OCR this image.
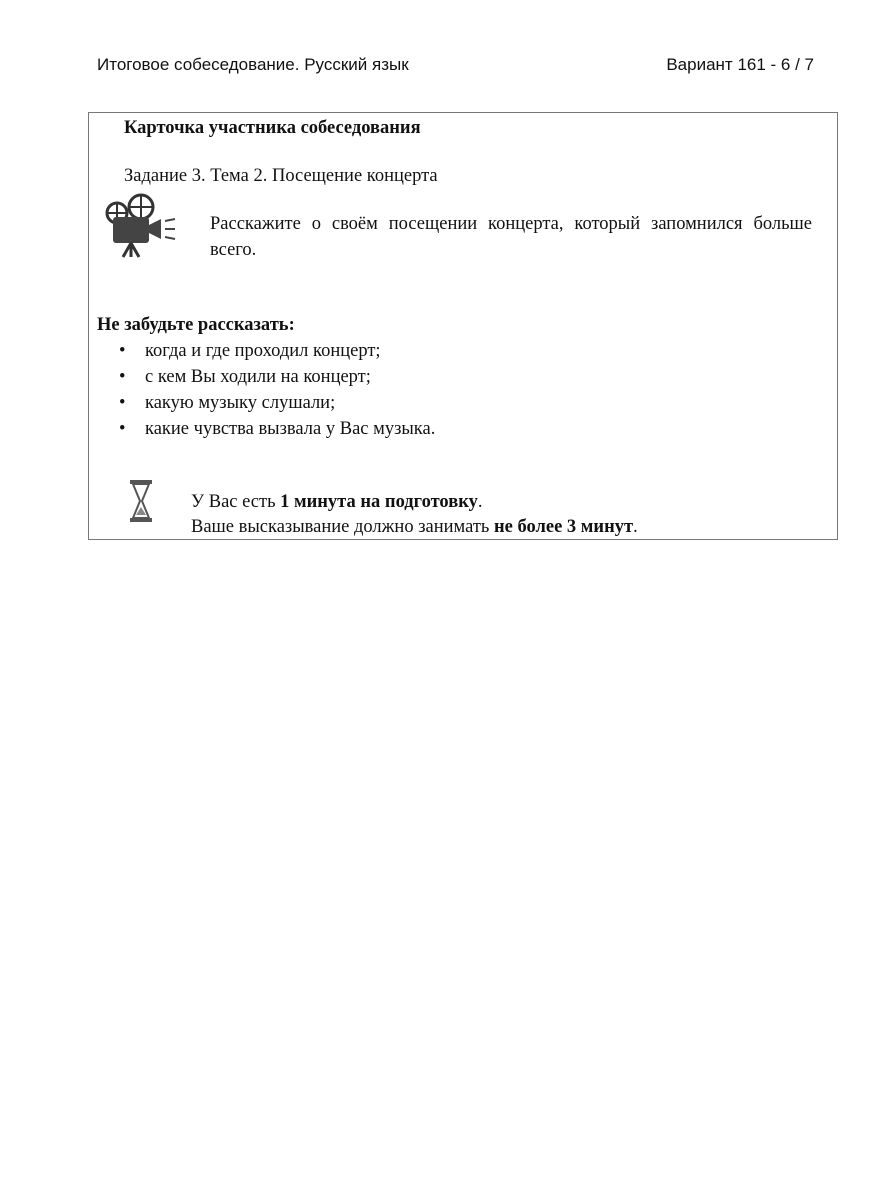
Итоговое собеседование. Русский язык	Вариант 161 - 6 / 7
Карточка участника собеседования
Задание 3. Тема 2. Посещение концерта
Расскажите о своём посещении концерта, который запомнился больше всего.
Не забудьте рассказать:
• когда и где проходил концерт;
• с кем Вы ходили на концерт;
• какую музыку слушали;
• какие чувства вызвала у Вас музыка.
У Вас есть 1 минута на подготовку.
Ваше высказывание должно занимать не более 3 минут.
